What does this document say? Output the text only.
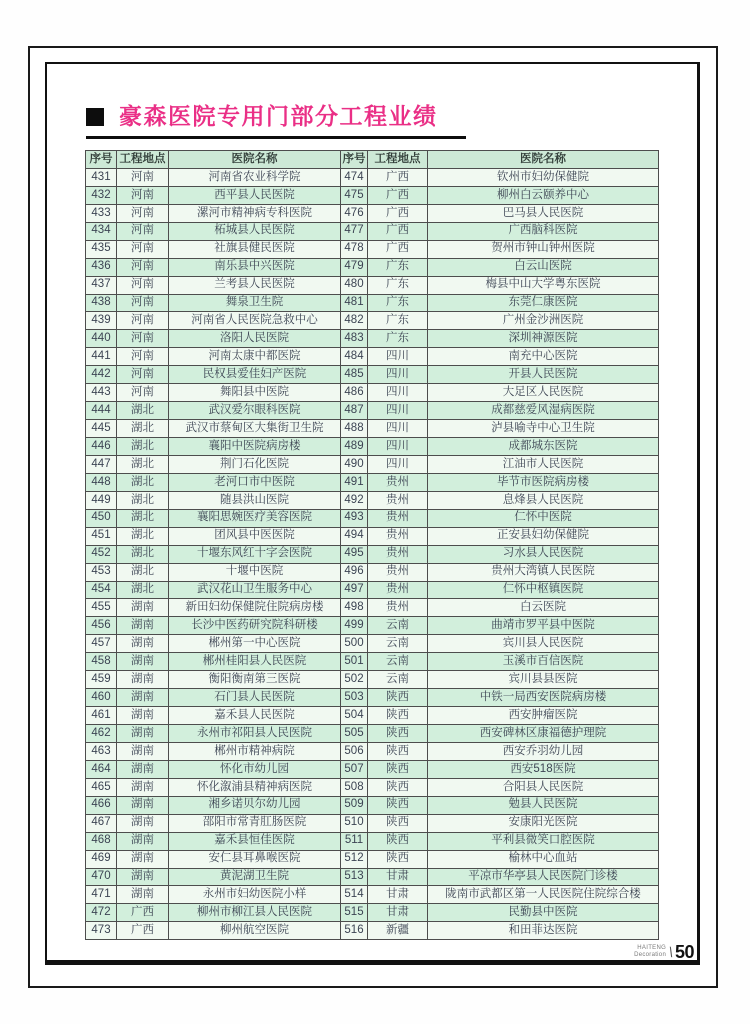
豪森医院专用门部分工程业绩
序号	工程地点	医院名称
431	河南	河南省农业科学院
432	河南	西平县人民医院
433	河南	漯河市精神病专科医院
434	河南	柘城县人民医院
435	河南	社旗县健民医院
436	河南	南乐县中兴医院
437	河南	兰考县人民医院
438	河南	舞泉卫生院
439	河南	河南省人民医院急救中心
440	河南	洛阳人民医院
441	河南	河南太康中都医院
442	河南	民权县爱佳妇产医院
443	河南	舞阳县中医院
444	湖北	武汉爱尔眼科医院
445	湖北	武汉市蔡甸区大集街卫生院
446	湖北	襄阳中医院病房楼
447	湖北	荆门石化医院
448	湖北	老河口市中医院
449	湖北	随县洪山医院
450	湖北	襄阳思婉医疗美容医院
451	湖北	团风县中医医院
452	湖北	十堰东风红十字会医院
453	湖北	十堰中医院
454	湖北	武汉花山卫生服务中心
455	湖南	新田妇幼保健院住院病房楼
456	湖南	长沙中医药研究院科研楼
457	湖南	郴州第一中心医院
458	湖南	郴州桂阳县人民医院
459	湖南	衡阳衡南第三医院
460	湖南	石门县人民医院
461	湖南	嘉禾县人民医院
462	湖南	永州市祁阳县人民医院
463	湖南	郴州市精神病院
464	湖南	怀化市幼儿园
465	湖南	怀化溆浦县精神病医院
466	湖南	湘乡诺贝尔幼儿园
467	湖南	邵阳市常青肛肠医院
468	湖南	嘉禾县恒佳医院
469	湖南	安仁县耳鼻喉医院
470	湖南	黄泥湖卫生院
471	湖南	永州市妇幼医院小样
472	广西	柳州市柳江县人民医院
473	广西	柳州航空医院
序号	工程地点	医院名称
474	广西	钦州市妇幼保健院
475	广西	柳州白云颐养中心
476	广西	巴马县人民医院
477	广西	广西脑科医院
478	广西	贺州市钟山钟州医院
479	广东	白云山医院
480	广东	梅县中山大学粤东医院
481	广东	东莞仁康医院
482	广东	广州金沙洲医院
483	广东	深圳神源医院
484	四川	南充中心医院
485	四川	开县人民医院
486	四川	大足区人民医院
487	四川	成都慈爱风湿病医院
488	四川	泸县喻寺中心卫生院
489	四川	成都城东医院
490	四川	江油市人民医院
491	贵州	毕节市医院病房楼
492	贵州	息烽县人民医院
493	贵州	仁怀中医院
494	贵州	正安县妇幼保健院
495	贵州	习水县人民医院
496	贵州	贵州大湾镇人民医院
497	贵州	仁怀中枢镇医院
498	贵州	白云医院
499	云南	曲靖市罗平县中医院
500	云南	宾川县人民医院
501	云南	玉溪市百信医院
502	云南	宾川县县医院
503	陕西	中铁一局西安医院病房楼
504	陕西	西安肿瘤医院
505	陕西	西安碑林区康福德护理院
506	陕西	西安乔羽幼儿园
507	陕西	西安518医院
508	陕西	合阳县人民医院
509	陕西	勉县人民医院
510	陕西	安康阳光医院
511	陕西	平利县微笑口腔医院
512	陕西	榆林中心血站
513	甘肃	平凉市华亭县人民医院门诊楼
514	甘肃	陇南市武都区第一人民医院住院综合楼
515	甘肃	民勤县中医院
516	新疆	和田菲达医院
HAITENG
Decoration \ 50
